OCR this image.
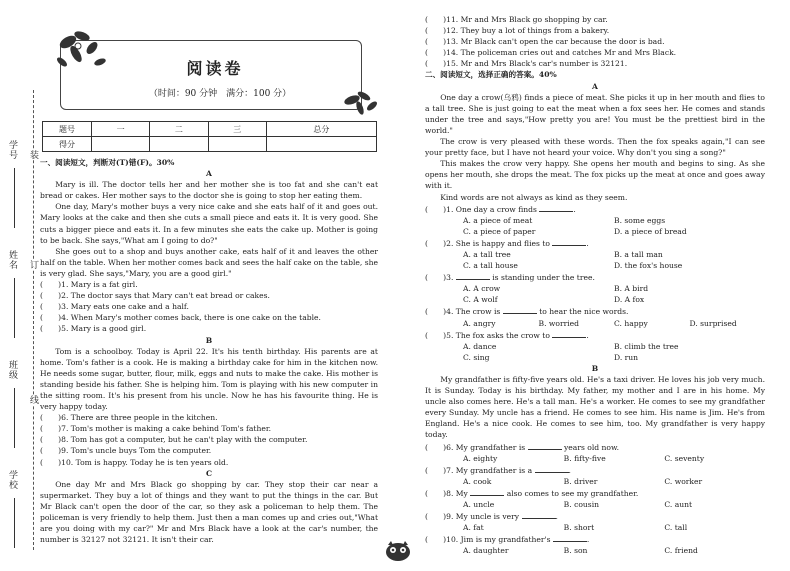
学号
姓名
班级
学校
装
订
线
阅读卷
（时间：90 分钟　满分：100 分）
题号	一	二	三	总分
得分				

一、阅读短文，判断对(T)错(F)。30%

A

Mary is ill. The doctor tells her and her mother she is too fat and she can't eat bread or cakes. Her mother says to the doctor she is going to stop her eating them.

One day, Mary's mother buys a very nice cake and she eats half of it and goes out. Mary looks at the cake and then she cuts a small piece and eats it. It is very good. She cuts a bigger piece and eats it. In a few minutes she eats the cake up. Mother is going to be back. She says,"What am I going to do?"

She goes out to a shop and buys another cake, eats half of it and leaves the other half on the table. When her mother comes back and sees the half cake on the table, she is very glad. She says,"Mary, you are a good girl."

(　　)1. Mary is a fat girl.

(　　)2. The doctor says that Mary can't eat bread or cakes.

(　　)3. Mary eats one cake and a half.

(　　)4. When Mary's mother comes back, there is one cake on the table.

(　　)5. Mary is a good girl.

B

Tom is a schoolboy. Today is April 22. It's his tenth birthday. His parents are at home. Tom's father is a cook. He is making a birthday cake for him in the kitchen now. He needs some sugar, butter, flour, milk, eggs and nuts to make the cake. His mother is standing beside his father. She is helping him. Tom is playing with his new computer in the sitting room. It's his present from his uncle. Now he has his favourite thing. He is very happy today.

(　　)6. There are three people in the kitchen.

(　　)7. Tom's mother is making a cake behind Tom's father.

(　　)8. Tom has got a computer, but he can't play with the computer.

(　　)9. Tom's uncle buys Tom the computer.

(　　)10. Tom is happy. Today he is ten years old.

C

One day Mr and Mrs Black go shopping by car. They stop their car near a supermarket. They buy a lot of things and they want to put the things in the car. But Mr Black can't open the door of the car, so they ask a policeman to help them. The policeman is very friendly to help them. Just then a man comes up and cries out,"What are you doing with my car?" Mr and Mrs Black have a look at the car's number, the number is 32127 not 32121. It isn't their car.

(　　)11. Mr and Mrs Black go shopping by car.

(　　)12. They buy a lot of things from a bakery.

(　　)13. Mr Black can't open the car because the door is bad.

(　　)14. The policeman cries out and catches Mr and Mrs Black.

(　　)15. Mr and Mrs Black's car's number is 32121.

二、阅读短文，选择正确的答案。40%

A

One day a crow(乌鸦) finds a piece of meat. She picks it up in her mouth and flies to a tall tree. She is just going to eat the meat when a fox sees her. He comes and stands under the tree and says,"How pretty you are! You must be the prettiest bird in the world."

The crow is very pleased with these words. Then the fox speaks again,"I can see your pretty face, but I have not heard your voice. Why don't you sing a song?"

This makes the crow very happy. She opens her mouth and begins to sing. As she opens her mouth, she drops the meat. The fox picks up the meat at once and goes away with it.

Kind words are not always as kind as they seem.

(　　)1. One day a crow finds	.

A. a piece of meat	B. some eggs
C. a piece of paper	D. a piece of bread

(　　)2. She is happy and flies to	.

A. a tall tree	B. a tall man
C. a tall house	D. the fox's house

(　　)3.	is standing under the tree.

A. A crow	B. A bird
C. A wolf	D. A fox

(　　)4. The crow is	to hear the nice words.

A. angry	B. worried	C. happy	D. surprised

(　　)5. The fox asks the crow to	.

A. dance	B. climb the tree
C. sing	D. run

B

My grandfather is fifty-five years old. He's a taxi driver. He loves his job very much. It is Sunday. Today is his birthday. My father, my mother and I are in his home. My uncle also comes here. He's a tall man. He's a worker. He comes to see my grandfather every Sunday. My uncle has a friend. He comes to see him. His name is Jim. He's from England. He's a nice cook. He comes to see him, too. My grandfather is very happy today.

(　　)6. My grandfather is	years old now.

A. eighty	B. fifty-five	C. seventy

(　　)7. My grandfather is a	.

A. cook	B. driver	C. worker

(　　)8. My	also comes to see my grandfather.

A. uncle	B. cousin	C. aunt

(　　)9. My uncle is very	.

A. fat	B. short	C. tall

(　　)10. Jim is my grandfather's	.

A. daughter	B. son	C. friend
